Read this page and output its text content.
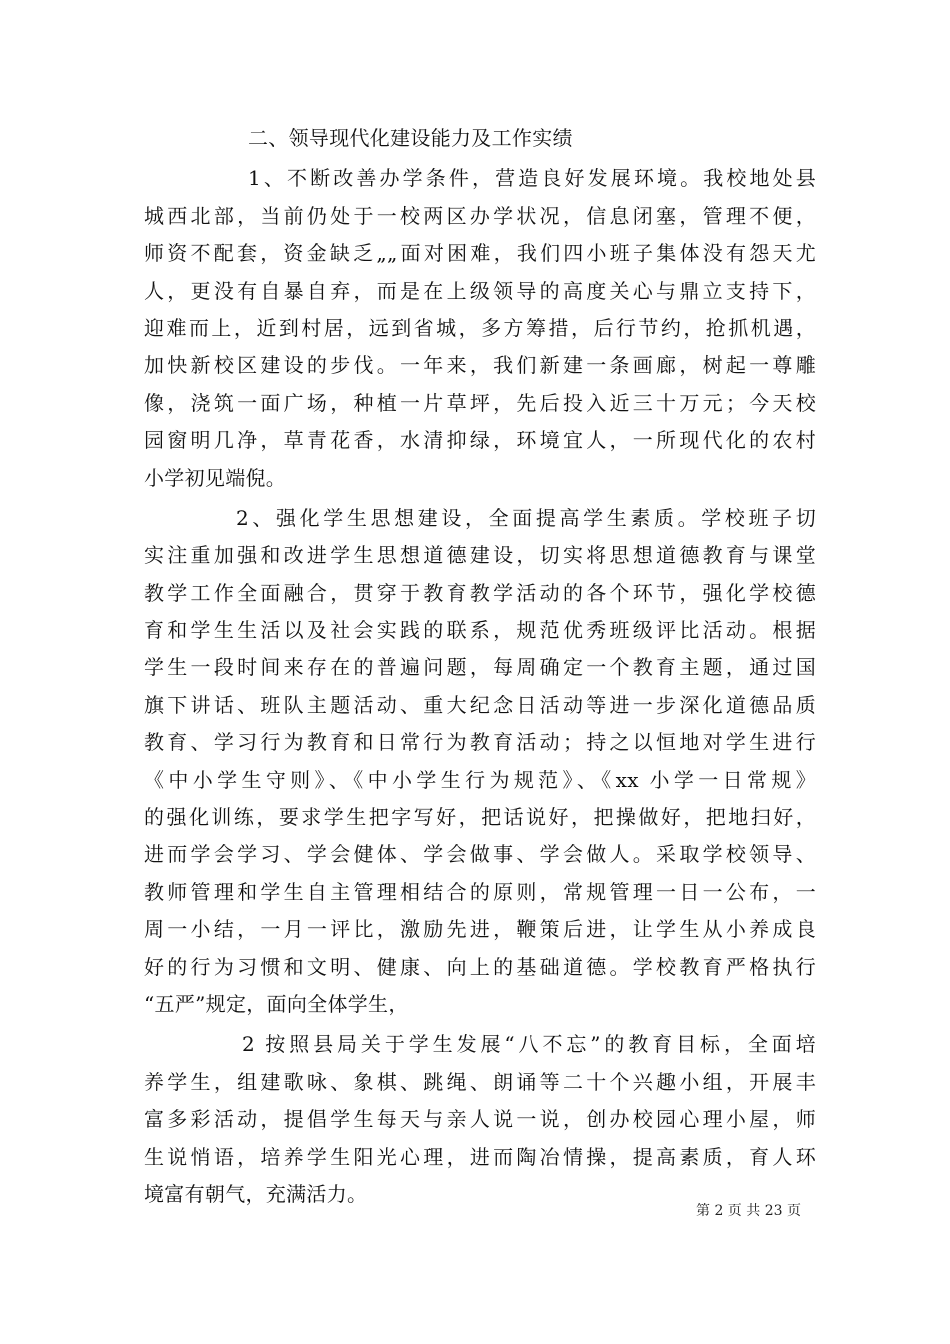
二、领导现代化建设能力及工作实绩
1、不断改善办学条件，营造良好发展环境。我校地处县
城西北部，当前仍处于一校两区办学状况，信息闭塞，管理不便，
师资不配套，资金缺乏„„面对困难，我们四小班子集体没有怨天尤
人，更没有自暴自弃，而是在上级领导的高度关心与鼎立支持下，
迎难而上，近到村居，远到省城，多方筹措，后行节约，抢抓机遇，
加快新校区建设的步伐。一年来，我们新建一条画廊，树起一尊雕
像，浇筑一面广场，种植一片草坪，先后投入近三十万元；今天校
园窗明几净，草青花香，水清抑绿，环境宜人，一所现代化的农村
小学初见端倪。
2、强化学生思想建设，全面提高学生素质。学校班子切
实注重加强和改进学生思想道德建设，切实将思想道德教育与课堂
教学工作全面融合，贯穿于教育教学活动的各个环节，强化学校德
育和学生生活以及社会实践的联系，规范优秀班级评比活动。根据
学生一段时间来存在的普遍问题，每周确定一个教育主题，通过国
旗下讲话、班队主题活动、重大纪念日活动等进一步深化道德品质
教育、学习行为教育和日常行为教育活动；持之以恒地对学生进行
《中小学生守则》、《中小学生行为规范》、《xx 小学一日常规》
的强化训练，要求学生把字写好，把话说好，把操做好，把地扫好，
进而学会学习、学会健体、学会做事、学会做人。采取学校领导、
教师管理和学生自主管理相结合的原则，常规管理一日一公布，一
周一小结，一月一评比，激励先进，鞭策后进，让学生从小养成良
好的行为习惯和文明、健康、向上的基础道德。学校教育严格执行
“五严”规定，面向全体学生，
2 按照县局关于学生发展“八不忘”的教育目标，全面培
养学生，组建歌咏、象棋、跳绳、朗诵等二十个兴趣小组，开展丰
富多彩活动，提倡学生每天与亲人说一说，创办校园心理小屋，师
生说悄语，培养学生阳光心理，进而陶冶情操，提高素质，育人环
境富有朝气，充满活力。
第 2 页 共 23 页
